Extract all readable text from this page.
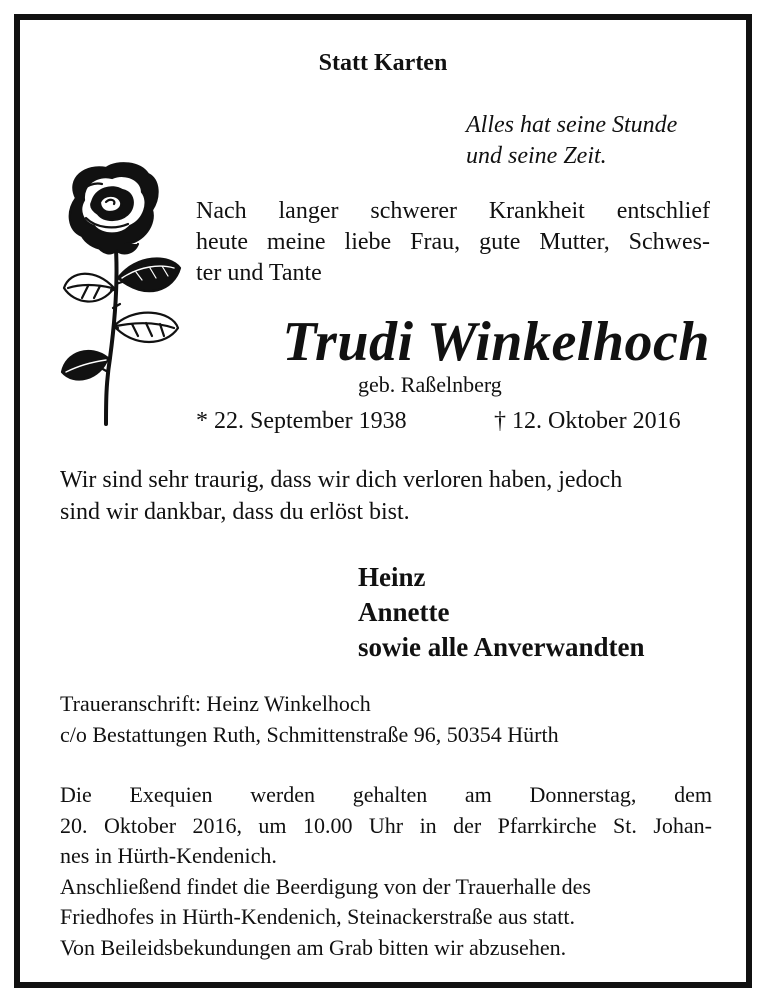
Statt Karten
Alles hat seine Stunde
und seine Zeit.
Nach langer schwerer Krankheit entschlief
heute meine liebe Frau, gute Mutter, Schwes-
ter und Tante
Trudi Winkelhoch
geb. Raßelnberg
* 22. September 1938	† 12. Oktober 2016
Wir sind sehr traurig, dass wir dich verloren haben, jedoch
sind wir dankbar, dass du erlöst bist.
Heinz
Annette
sowie alle Anverwandten
Traueranschrift: Heinz Winkelhoch
c/o Bestattungen Ruth, Schmittenstraße 96, 50354 Hürth
Die Exequien werden gehalten am Donnerstag, dem
20. Oktober 2016, um 10.00 Uhr in der Pfarrkirche St. Johan-
nes in Hürth-Kendenich.
Anschließend findet die Beerdigung von der Trauerhalle des
Friedhofes in Hürth-Kendenich, Steinackerstraße aus statt.
Von Beileidsbekundungen am Grab bitten wir abzusehen.
